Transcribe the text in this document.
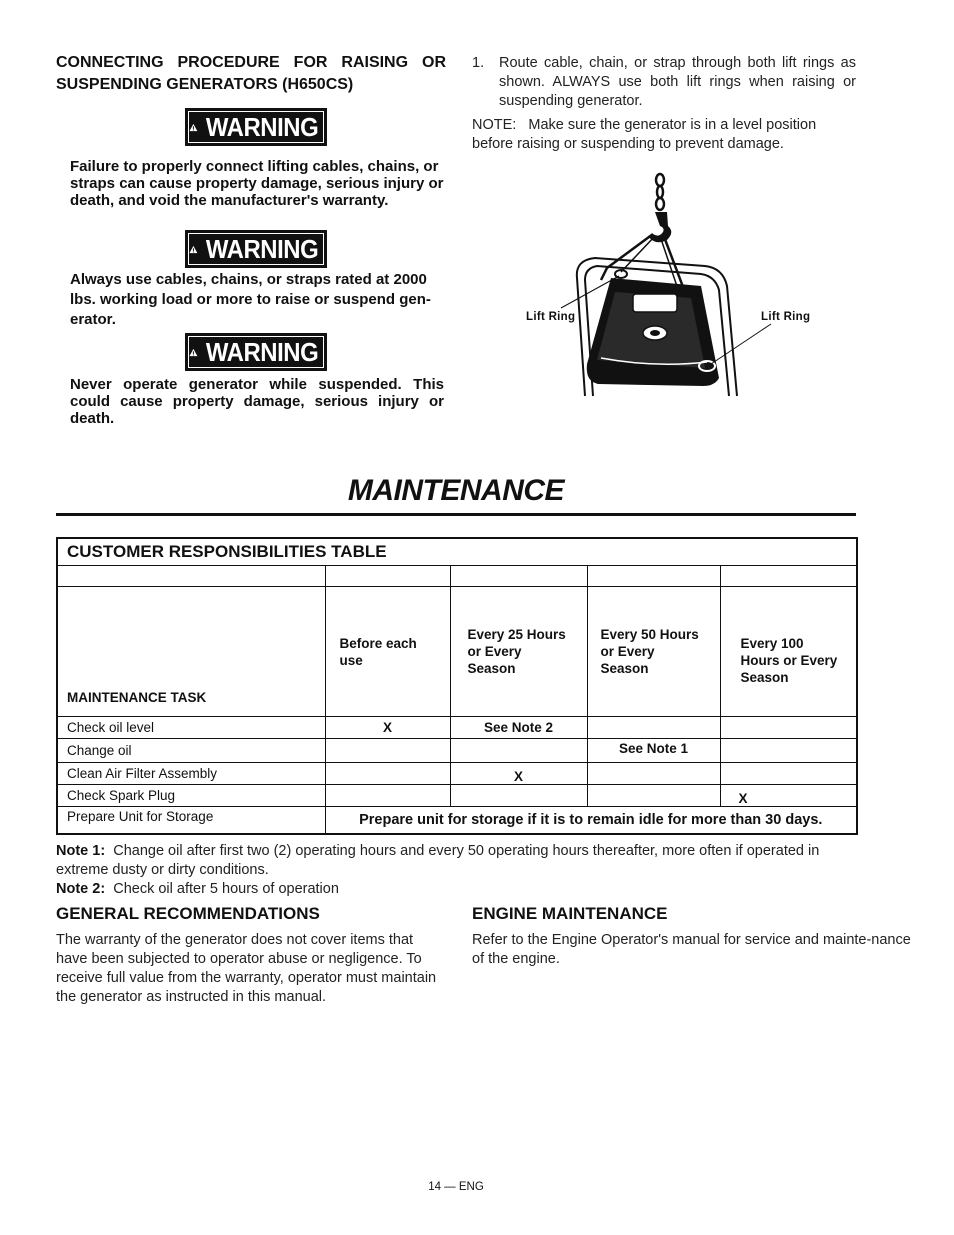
CONNECTING PROCEDURE FOR RAISING OR
SUSPENDING GENERATORS (H650CS)
WARNING
Failure to properly connect lifting cables, chains, or straps can cause property damage, serious injury or death, and void the manufacturer's warranty.
WARNING
Always use cables, chains, or straps rated at 2000 lbs. working load or more to raise or suspend gen-erator.
WARNING
Never operate generator while suspended. This could cause property damage, serious injury or death.
1.	Route cable, chain, or strap through both lift rings as shown. ALWAYS use both lift rings when raising or suspending generator.
NOTE: Make sure the generator is in a level position before raising or suspending to prevent damage.
Lift Ring	Lift Ring
MAINTENANCE
CUSTOMER RESPONSIBILITIES TABLE				

MAINTENANCE TASK	Before each use	Every 25 Hours or Every Season	Every 50 Hours or Every Season	Every 100 Hours or Every Season
Check oil level	X	See Note 2		
Change oil			See Note 1	
Clean Air Filter Assembly		X		
Check Spark Plug				X
Prepare Unit for Storage	Prepare unit for storage if it is to remain idle for more than 30 days.			
Note 1: Change oil after first two (2) operating hours and every 50 operating hours thereafter, more often if operated in extreme dusty or dirty conditions.
Note 2: Check oil after 5 hours of operation
GENERAL RECOMMENDATIONS

The warranty of the generator does not cover items that have been subjected to operator abuse or negligence. To receive full value from the warranty, operator must maintain the generator as instructed in this manual.

ENGINE MAINTENANCE

Refer to the Engine Operator's manual for service and mainte-nance of the engine.

14 — ENG
